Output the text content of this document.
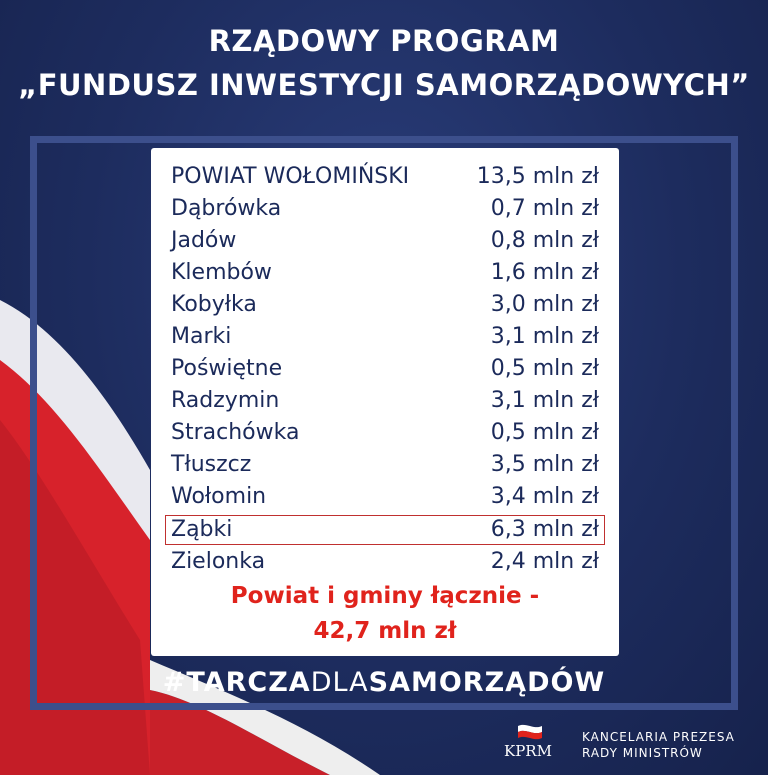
RZĄDOWY PROGRAM
„FUNDUSZ INWESTYCJI SAMORZĄDOWYCH”
POWIAT WOŁOMIŃSKI	13,5 mln zł
Dąbrówka	0,7 mln zł
Jadów	0,8 mln zł
Klembów	1,6 mln zł
Kobyłka	3,0 mln zł
Marki	3,1 mln zł
Poświętne	0,5 mln zł
Radzymin	3,1 mln zł
Strachówka	0,5 mln zł
Tłuszcz	3,5 mln zł
Wołomin	3,4 mln zł
Ząbki	6,3 mln zł
Zielonka	2,4 mln zł
Powiat i gminy łącznie -
42,7 mln zł
#TARCZADLASAMORZĄDÓW
KPRM
KANCELARIA PREZESA
RADY MINISTRÓW
